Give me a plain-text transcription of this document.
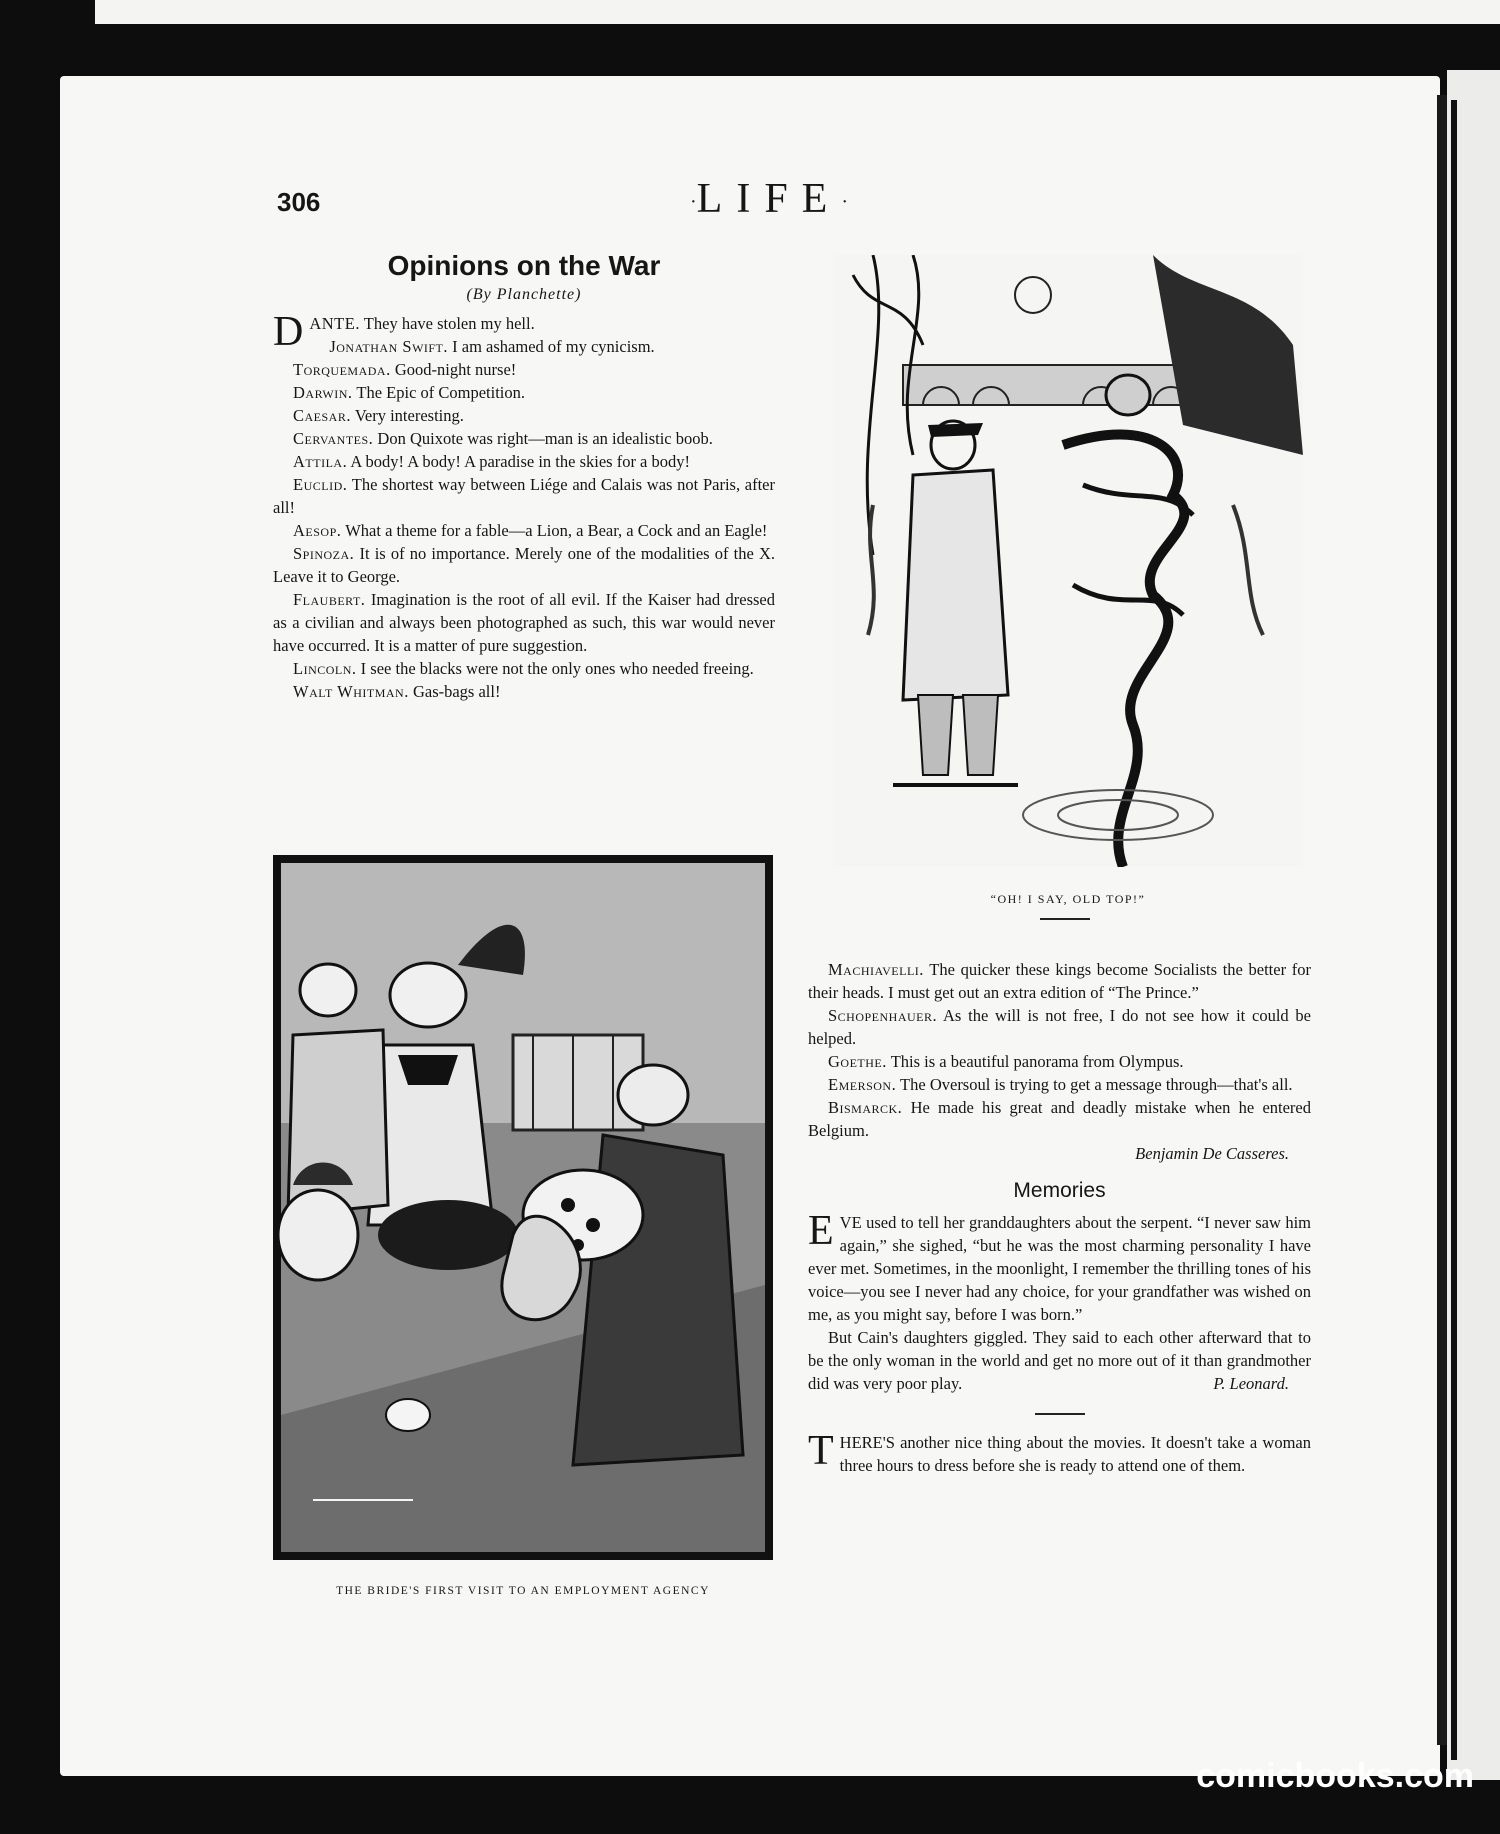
306	·LIFE·
Opinions on the War
(By Planchette)

DANTE. They have stolen my hell.

Jonathan Swift. I am ashamed of my cynicism.

Torquemada. Good-night nurse!

Darwin. The Epic of Competition.

Caesar. Very interesting.

Cervantes. Don Quixote was right—man is an idealistic boob.

Attila. A body! A body! A paradise in the skies for a body!

Euclid. The shortest way between Liége and Calais was not Paris, after all!

Aesop. What a theme for a fable—a Lion, a Bear, a Cock and an Eagle!

Spinoza. It is of no importance. Merely one of the modalities of the X. Leave it to George.

Flaubert. Imagination is the root of all evil. If the Kaiser had dressed as a civilian and always been photographed as such, this war would never have occurred. It is a matter of pure suggestion.

Lincoln. I see the blacks were not the only ones who needed freeing.

Walt Whitman. Gas-bags all!

THE BRIDE'S FIRST VISIT TO AN EMPLOYMENT AGENCY
“OH! I SAY, OLD TOP!”

Machiavelli. The quicker these kings become Socialists the better for their heads. I must get out an extra edition of “The Prince.”

Schopenhauer. As the will is not free, I do not see how it could be helped.

Goethe. This is a beautiful panorama from Olympus.

Emerson. The Oversoul is trying to get a message through—that's all.

Bismarck. He made his great and deadly mistake when he entered Belgium.

Benjamin De Casseres.

Memories

EVE used to tell her granddaughters about the serpent. “I never saw him again,” she sighed, “but he was the most charming personality I have ever met. Sometimes, in the moonlight, I remember the thrilling tones of his voice—you see I never had any choice, for your grandfather was wished on me, as you might say, before I was born.”

But Cain's daughters giggled. They said to each other afterward that to be the only woman in the world and get no more out of it than grandmother did was very poor play.	P. Leonard.

THERE'S another nice thing about the movies. It doesn't take a woman three hours to dress before she is ready to attend one of them.

comicbooks.com
